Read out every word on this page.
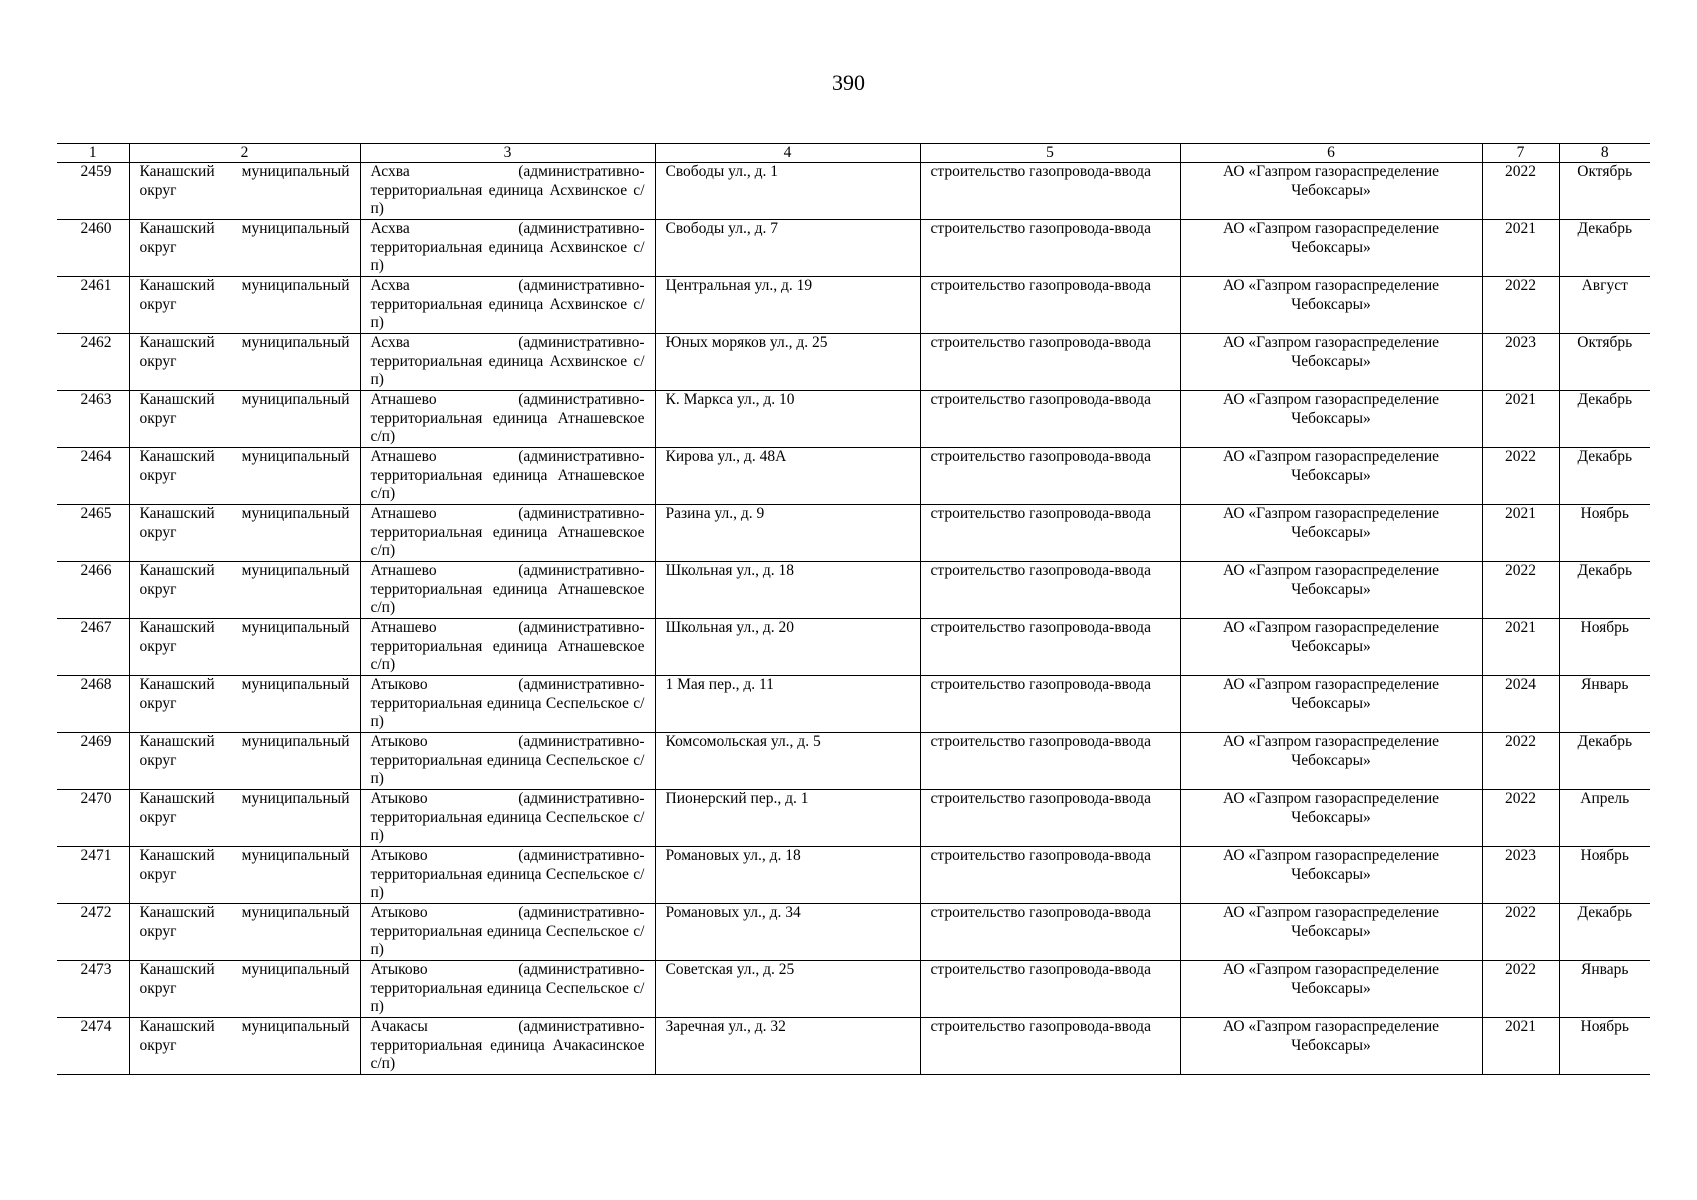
390
1	2	3	4	5	6	7	8
2459	Канашский муниципальный округ	Асхва (административно-территориальная единица Асхвинское с/п)	Свободы ул., д. 1	строительство газопровода-ввода	АО «Газпром газораспределение Чебоксары»	2022	Октябрь
2460	Канашский муниципальный округ	Асхва (административно-территориальная единица Асхвинское с/п)	Свободы ул., д. 7	строительство газопровода-ввода	АО «Газпром газораспределение Чебоксары»	2021	Декабрь
2461	Канашский муниципальный округ	Асхва (административно-территориальная единица Асхвинское с/п)	Центральная ул., д. 19	строительство газопровода-ввода	АО «Газпром газораспределение Чебоксары»	2022	Август
2462	Канашский муниципальный округ	Асхва (административно-территориальная единица Асхвинское с/п)	Юных моряков ул., д. 25	строительство газопровода-ввода	АО «Газпром газораспределение Чебоксары»	2023	Октябрь
2463	Канашский муниципальный округ	Атнашево (административно-территориальная единица Атнашевское с/п)	К. Маркса ул., д. 10	строительство газопровода-ввода	АО «Газпром газораспределение Чебоксары»	2021	Декабрь
2464	Канашский муниципальный округ	Атнашево (административно-территориальная единица Атнашевское с/п)	Кирова ул., д. 48А	строительство газопровода-ввода	АО «Газпром газораспределение Чебоксары»	2022	Декабрь
2465	Канашский муниципальный округ	Атнашево (административно-территориальная единица Атнашевское с/п)	Разина ул., д. 9	строительство газопровода-ввода	АО «Газпром газораспределение Чебоксары»	2021	Ноябрь
2466	Канашский муниципальный округ	Атнашево (административно-территориальная единица Атнашевское с/п)	Школьная ул., д. 18	строительство газопровода-ввода	АО «Газпром газораспределение Чебоксары»	2022	Декабрь
2467	Канашский муниципальный округ	Атнашево (административно-территориальная единица Атнашевское с/п)	Школьная ул., д. 20	строительство газопровода-ввода	АО «Газпром газораспределение Чебоксары»	2021	Ноябрь
2468	Канашский муниципальный округ	Атыково (административно-территориальная единица Сеспельское с/п)	1 Мая пер., д. 11	строительство газопровода-ввода	АО «Газпром газораспределение Чебоксары»	2024	Январь
2469	Канашский муниципальный округ	Атыково (административно-территориальная единица Сеспельское с/п)	Комсомольская ул., д. 5	строительство газопровода-ввода	АО «Газпром газораспределение Чебоксары»	2022	Декабрь
2470	Канашский муниципальный округ	Атыково (административно-территориальная единица Сеспельское с/п)	Пионерский пер., д. 1	строительство газопровода-ввода	АО «Газпром газораспределение Чебоксары»	2022	Апрель
2471	Канашский муниципальный округ	Атыково (административно-территориальная единица Сеспельское с/п)	Романовых ул., д. 18	строительство газопровода-ввода	АО «Газпром газораспределение Чебоксары»	2023	Ноябрь
2472	Канашский муниципальный округ	Атыково (административно-территориальная единица Сеспельское с/п)	Романовых ул., д. 34	строительство газопровода-ввода	АО «Газпром газораспределение Чебоксары»	2022	Декабрь
2473	Канашский муниципальный округ	Атыково (административно-территориальная единица Сеспельское с/п)	Советская ул., д. 25	строительство газопровода-ввода	АО «Газпром газораспределение Чебоксары»	2022	Январь
2474	Канашский муниципальный округ	Ачакасы (административно-территориальная единица Ачакасинское с/п)	Заречная ул., д. 32	строительство газопровода-ввода	АО «Газпром газораспределение Чебоксары»	2021	Ноябрь
